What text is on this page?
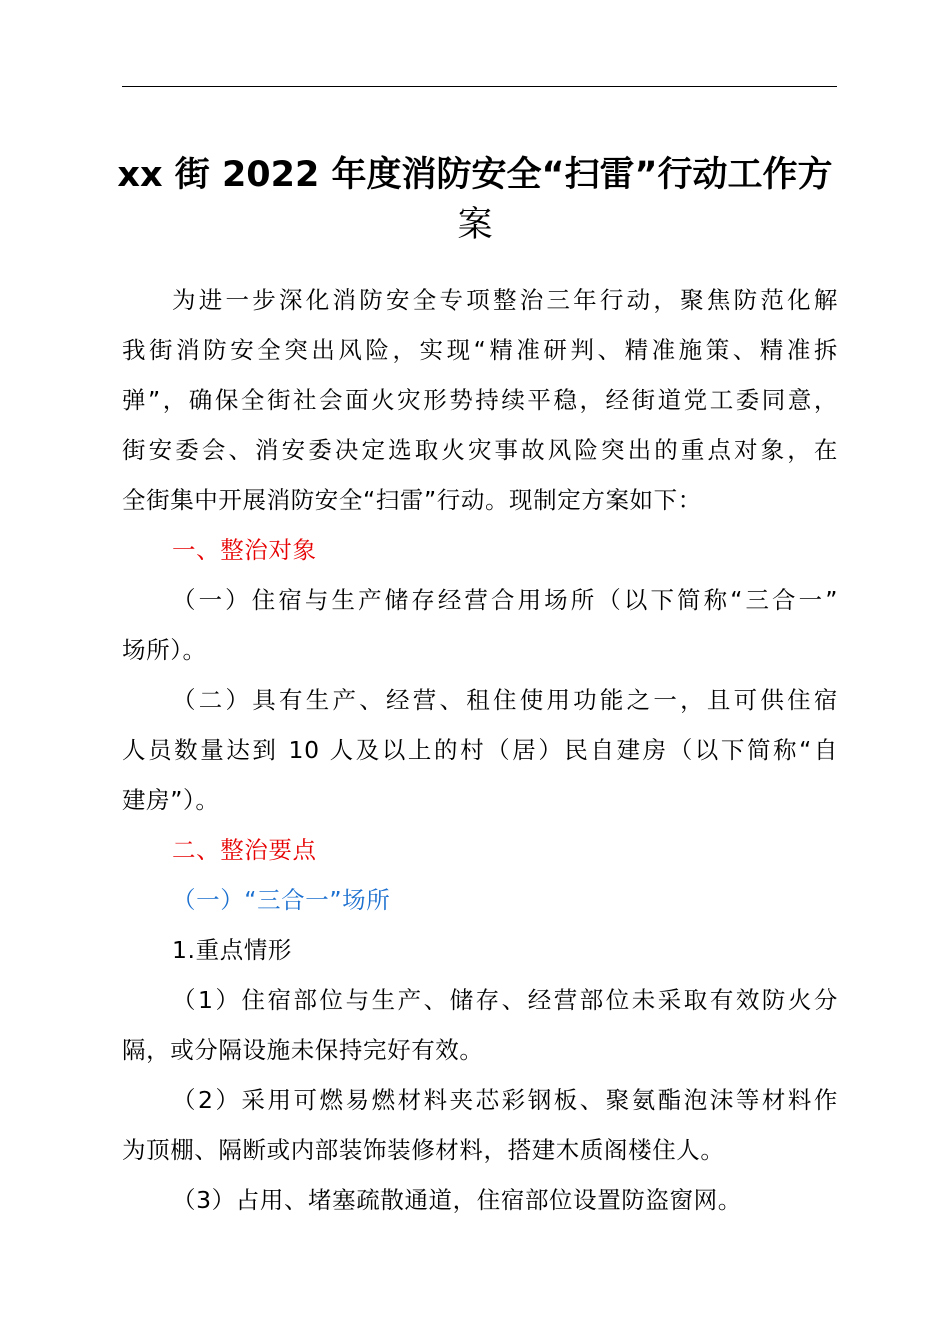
xx 街 2022 年度消防安全“扫雷”行动工作方
案
为进一步深化消防安全专项整治三年行动，聚焦防范化解
我街消防安全突出风险，实现“精准研判、精准施策、精准拆
弹”，确保全街社会面火灾形势持续平稳，经街道党工委同意，
街安委会、消安委决定选取火灾事故风险突出的重点对象，在
全街集中开展消防安全“扫雷”行动。现制定方案如下：
一、整治对象
（一）住宿与生产储存经营合用场所（以下简称“三合一”
场所）。
（二）具有生产、经营、租住使用功能之一，且可供住宿
人员数量达到 10 人及以上的村（居）民自建房（以下简称“自
建房”）。
二、整治要点
（一）“三合一”场所
1.重点情形
（1）住宿部位与生产、储存、经营部位未采取有效防火分
隔，或分隔设施未保持完好有效。
（2）采用可燃易燃材料夹芯彩钢板、聚氨酯泡沫等材料作
为顶棚、隔断或内部装饰装修材料，搭建木质阁楼住人。
（3）占用、堵塞疏散通道，住宿部位设置防盗窗网。
